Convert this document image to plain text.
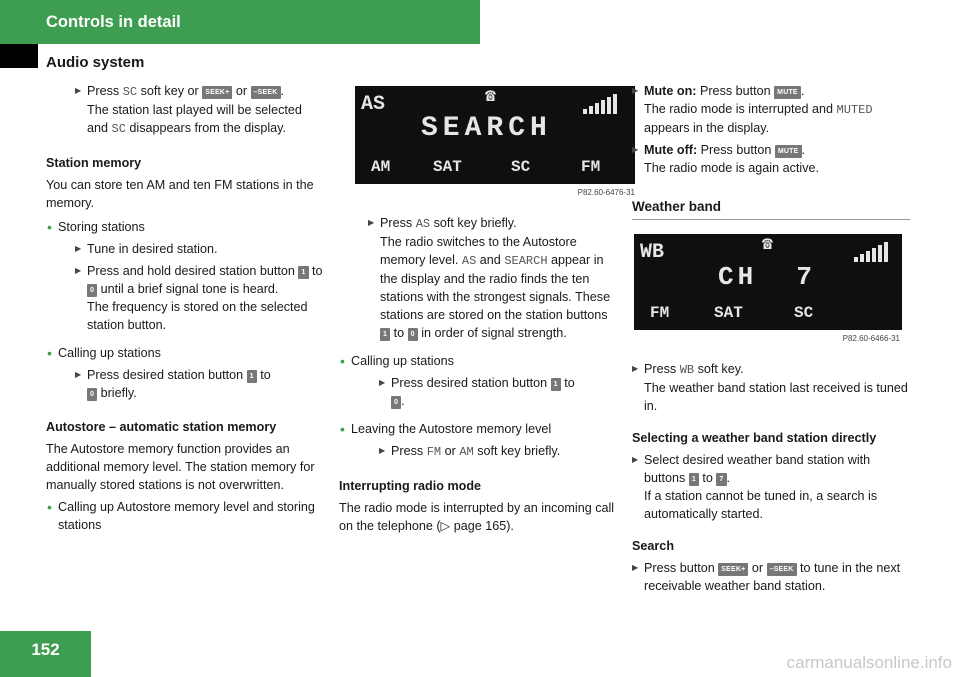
Controls in detail
Audio system
▶ Press SC soft key or SEEK+ or –SEEK .
The station last played will be selected and SC disappears from the display.
Station memory
You can store ten AM and ten FM stations in the memory.
• Storing stations
▶ Tune in desired station.
▶ Press and hold desired station button 1 to 0 until a brief signal tone is heard.
The frequency is stored on the selected station button.
• Calling up stations
▶ Press desired station button 1 to
0 briefly.
Autostore – automatic station memory
The Autostore memory function provides an additional memory level. The station memory for manually stored stations is not overwritten.
• Calling up Autostore memory level and storing stations
AS	☎
SEARCH
AM	SAT	SC	FM
P82.60-6476-31
▶ Press AS soft key briefly.
The radio switches to the Autostore memory level. AS and SEARCH appear in the display and the radio finds the ten stations with the strongest signals. These stations are stored on the station buttons 1 to 0 in order of signal strength.
• Calling up stations
▶ Press desired station button 1 to
0 .
• Leaving the Autostore memory level
▶ Press FM or AM soft key briefly.
Interrupting radio mode
The radio mode is interrupted by an incoming call on the telephone (▷ page 165).
▶ Mute on: Press button MUTE .
The radio mode is interrupted and MUTED appears in the display.
▶ Mute off: Press button MUTE .
The radio mode is again active.
Weather band
WB	☎
CH  7
FM	SAT	SC
P82.60-6466-31
▶ Press WB soft key.
The weather band station last received is tuned in.
Selecting a weather band station directly
▶ Select desired weather band station with buttons 1 to 7 .
If a station cannot be tuned in, a search is automatically started.
Search
▶ Press button SEEK+ or –SEEK to tune in the next receivable weather band station.
152
carmanualsonline.info
